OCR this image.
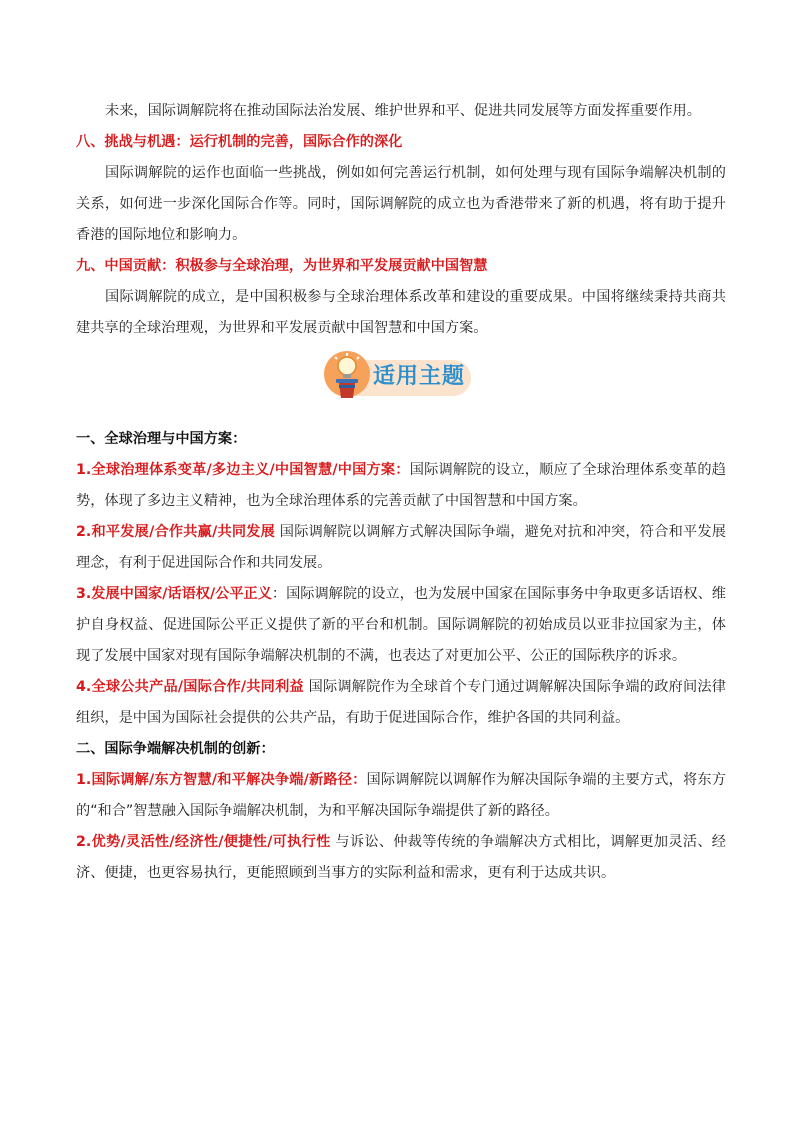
未来，国际调解院将在推动国际法治发展、维护世界和平、促进共同发展等方面发挥重要作用。

八、挑战与机遇：运行机制的完善，国际合作的深化

国际调解院的运作也面临一些挑战，例如如何完善运行机制，如何处理与现有国际争端解决机制的关系，如何进一步深化国际合作等。同时，国际调解院的成立也为香港带来了新的机遇，将有助于提升香港的国际地位和影响力。

九、中国贡献：积极参与全球治理，为世界和平发展贡献中国智慧

国际调解院的成立，是中国积极参与全球治理体系改革和建设的重要成果。中国将继续秉持共商共建共享的全球治理观，为世界和平发展贡献中国智慧和中国方案。

适用主题

一、全球治理与中国方案：

1.全球治理体系变革/多边主义/中国智慧/中国方案：国际调解院的设立，顺应了全球治理体系变革的趋势，体现了多边主义精神，也为全球治理体系的完善贡献了中国智慧和中国方案。

2.和平发展/合作共赢/共同发展 国际调解院以调解方式解决国际争端，避免对抗和冲突，符合和平发展理念，有利于促进国际合作和共同发展。

3.发展中国家/话语权/公平正义：国际调解院的设立，也为发展中国家在国际事务中争取更多话语权、维护自身权益、促进国际公平正义提供了新的平台和机制。国际调解院的初始成员以亚非拉国家为主，体现了发展中国家对现有国际争端解决机制的不满，也表达了对更加公平、公正的国际秩序的诉求。

4.全球公共产品/国际合作/共同利益 国际调解院作为全球首个专门通过调解解决国际争端的政府间法律组织，是中国为国际社会提供的公共产品，有助于促进国际合作，维护各国的共同利益。

二、国际争端解决机制的创新：

1.国际调解/东方智慧/和平解决争端/新路径：国际调解院以调解作为解决国际争端的主要方式，将东方的“和合”智慧融入国际争端解决机制，为和平解决国际争端提供了新的路径。

2.优势/灵活性/经济性/便捷性/可执行性 与诉讼、仲裁等传统的争端解决方式相比，调解更加灵活、经济、便捷，也更容易执行，更能照顾到当事方的实际利益和需求，更有利于达成共识。
